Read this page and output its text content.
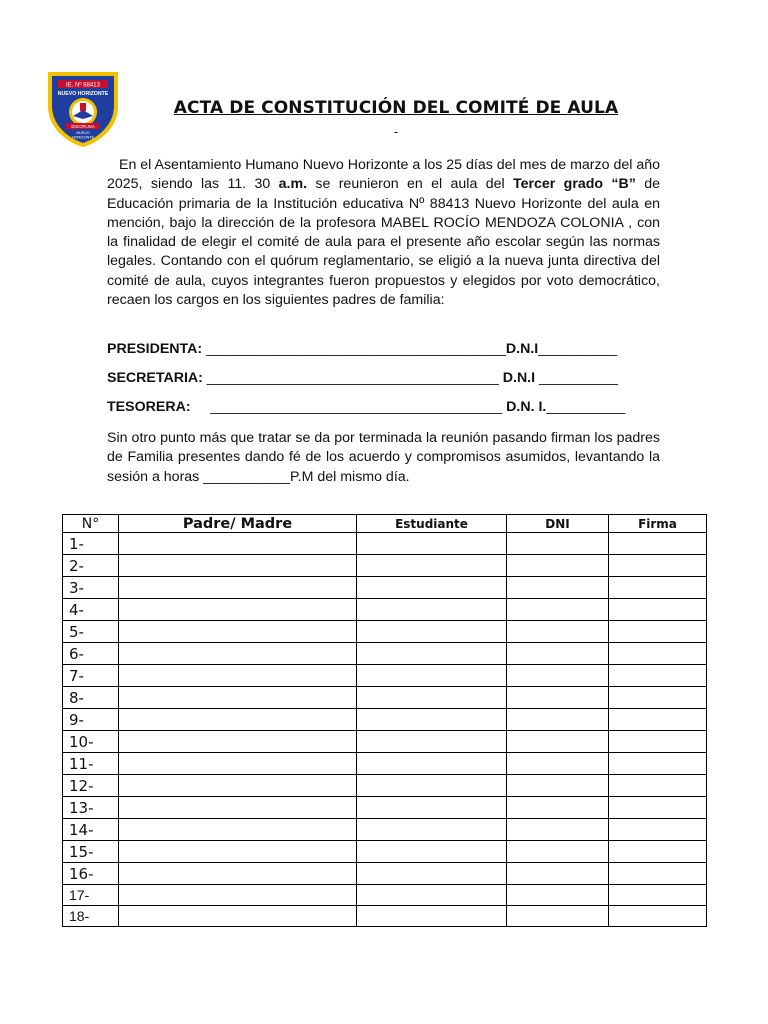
IE. Nº 88413
NUEVO HORIZONTE
DISCIPLINA
NUEVO
HORIZONTE
ACTA DE CONSTITUCIÓN DEL COMITÉ DE AULA
-
En el Asentamiento Humano Nuevo Horizonte a los 25 días del mes de marzo del año 2025, siendo las 11. 30 a.m. se reunieron en el aula del Tercer grado “B” de Educación primaria de la Institución educativa Nº 88413 Nuevo Horizonte del aula en mención, bajo la dirección de la profesora MABEL ROCÍO MENDOZA COLONIA , con la finalidad de elegir el comité de aula para el presente año escolar según las normas legales. Contando con el quórum reglamentario, se eligió a la nueva junta directiva del comité de aula, cuyos integrantes fueron propuestos y elegidos por voto democrático, recaen los cargos en los siguientes padres de familia:
PRESIDENTA: ______________________________________D.N.I__________
SECRETARIA: _____________________________________ D.N.I __________
TESORERA:     _____________________________________ D.N. I.__________
Sin otro punto más que tratar se da por terminada la reunión pasando firman los padres de Familia presentes dando fé de los acuerdo y compromisos asumidos, levantando la sesión a horas ___________P.M del mismo día.
N°	Padre/ Madre	Estudiante	DNI	Firma
1-				
2-				
3-				
4-				
5-				
6-				
7-				
8-				
9-				
10-				
11-				
12-				
13-				
14-				
15-				
16-				
17-				
18-				
